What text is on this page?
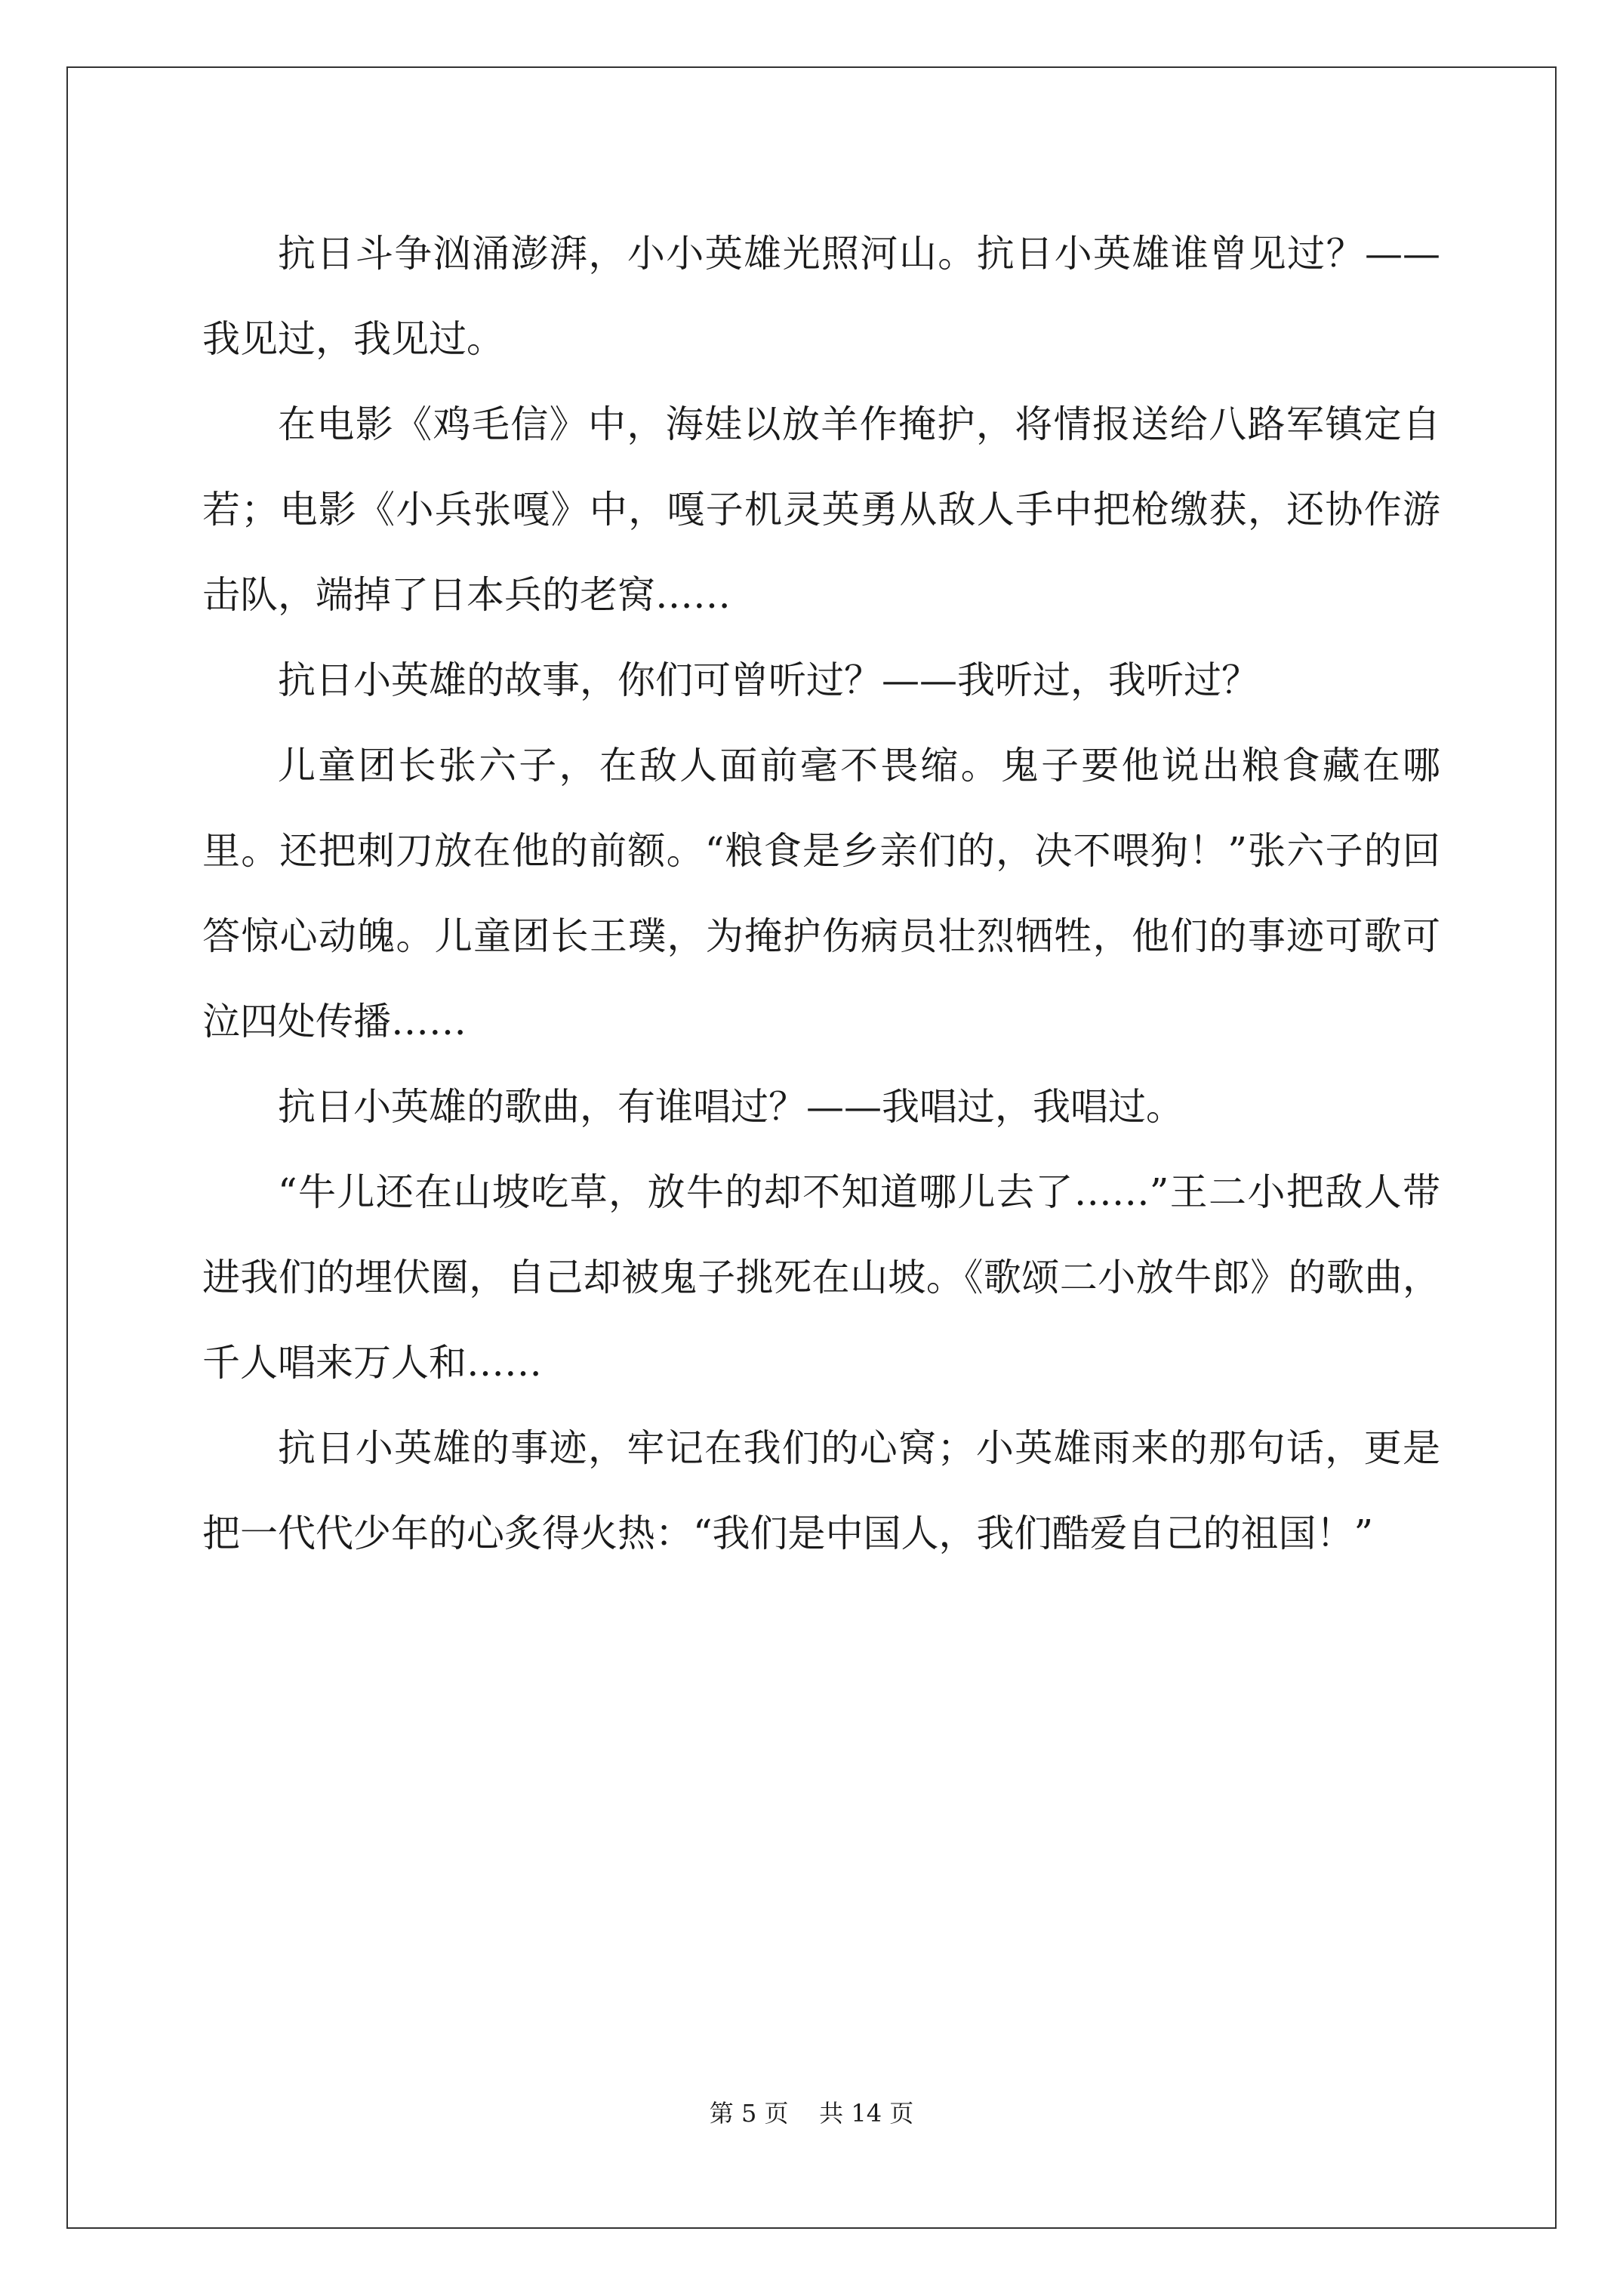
抗日斗争汹涌澎湃，小小英雄光照河山。抗日小英雄谁曾见过？——我见过，我见过。

在电影《鸡毛信》中，海娃以放羊作掩护，将情报送给八路军镇定自若；电影《小兵张嘎》中，嘎子机灵英勇从敌人手中把枪缴获，还协作游击队，端掉了日本兵的老窝……

抗日小英雄的故事，你们可曾听过？——我听过，我听过？

儿童团长张六子，在敌人面前毫不畏缩。鬼子要他说出粮食藏在哪里。还把刺刀放在他的前额。“粮食是乡亲们的，决不喂狗！”张六子的回答惊心动魄。儿童团长王璞，为掩护伤病员壮烈牺牲，他们的事迹可歌可泣四处传播……

抗日小英雄的歌曲，有谁唱过？——我唱过，我唱过。

“牛儿还在山坡吃草，放牛的却不知道哪儿去了……”王二小把敌人带进我们的埋伏圈，自己却被鬼子挑死在山坡。《歌颂二小放牛郎》的歌曲，千人唱来万人和……

抗日小英雄的事迹，牢记在我们的心窝；小英雄雨来的那句话，更是把一代代少年的心炙得火热：“我们是中国人，我们酷爱自己的祖国！”

第 5 页    共 14 页
